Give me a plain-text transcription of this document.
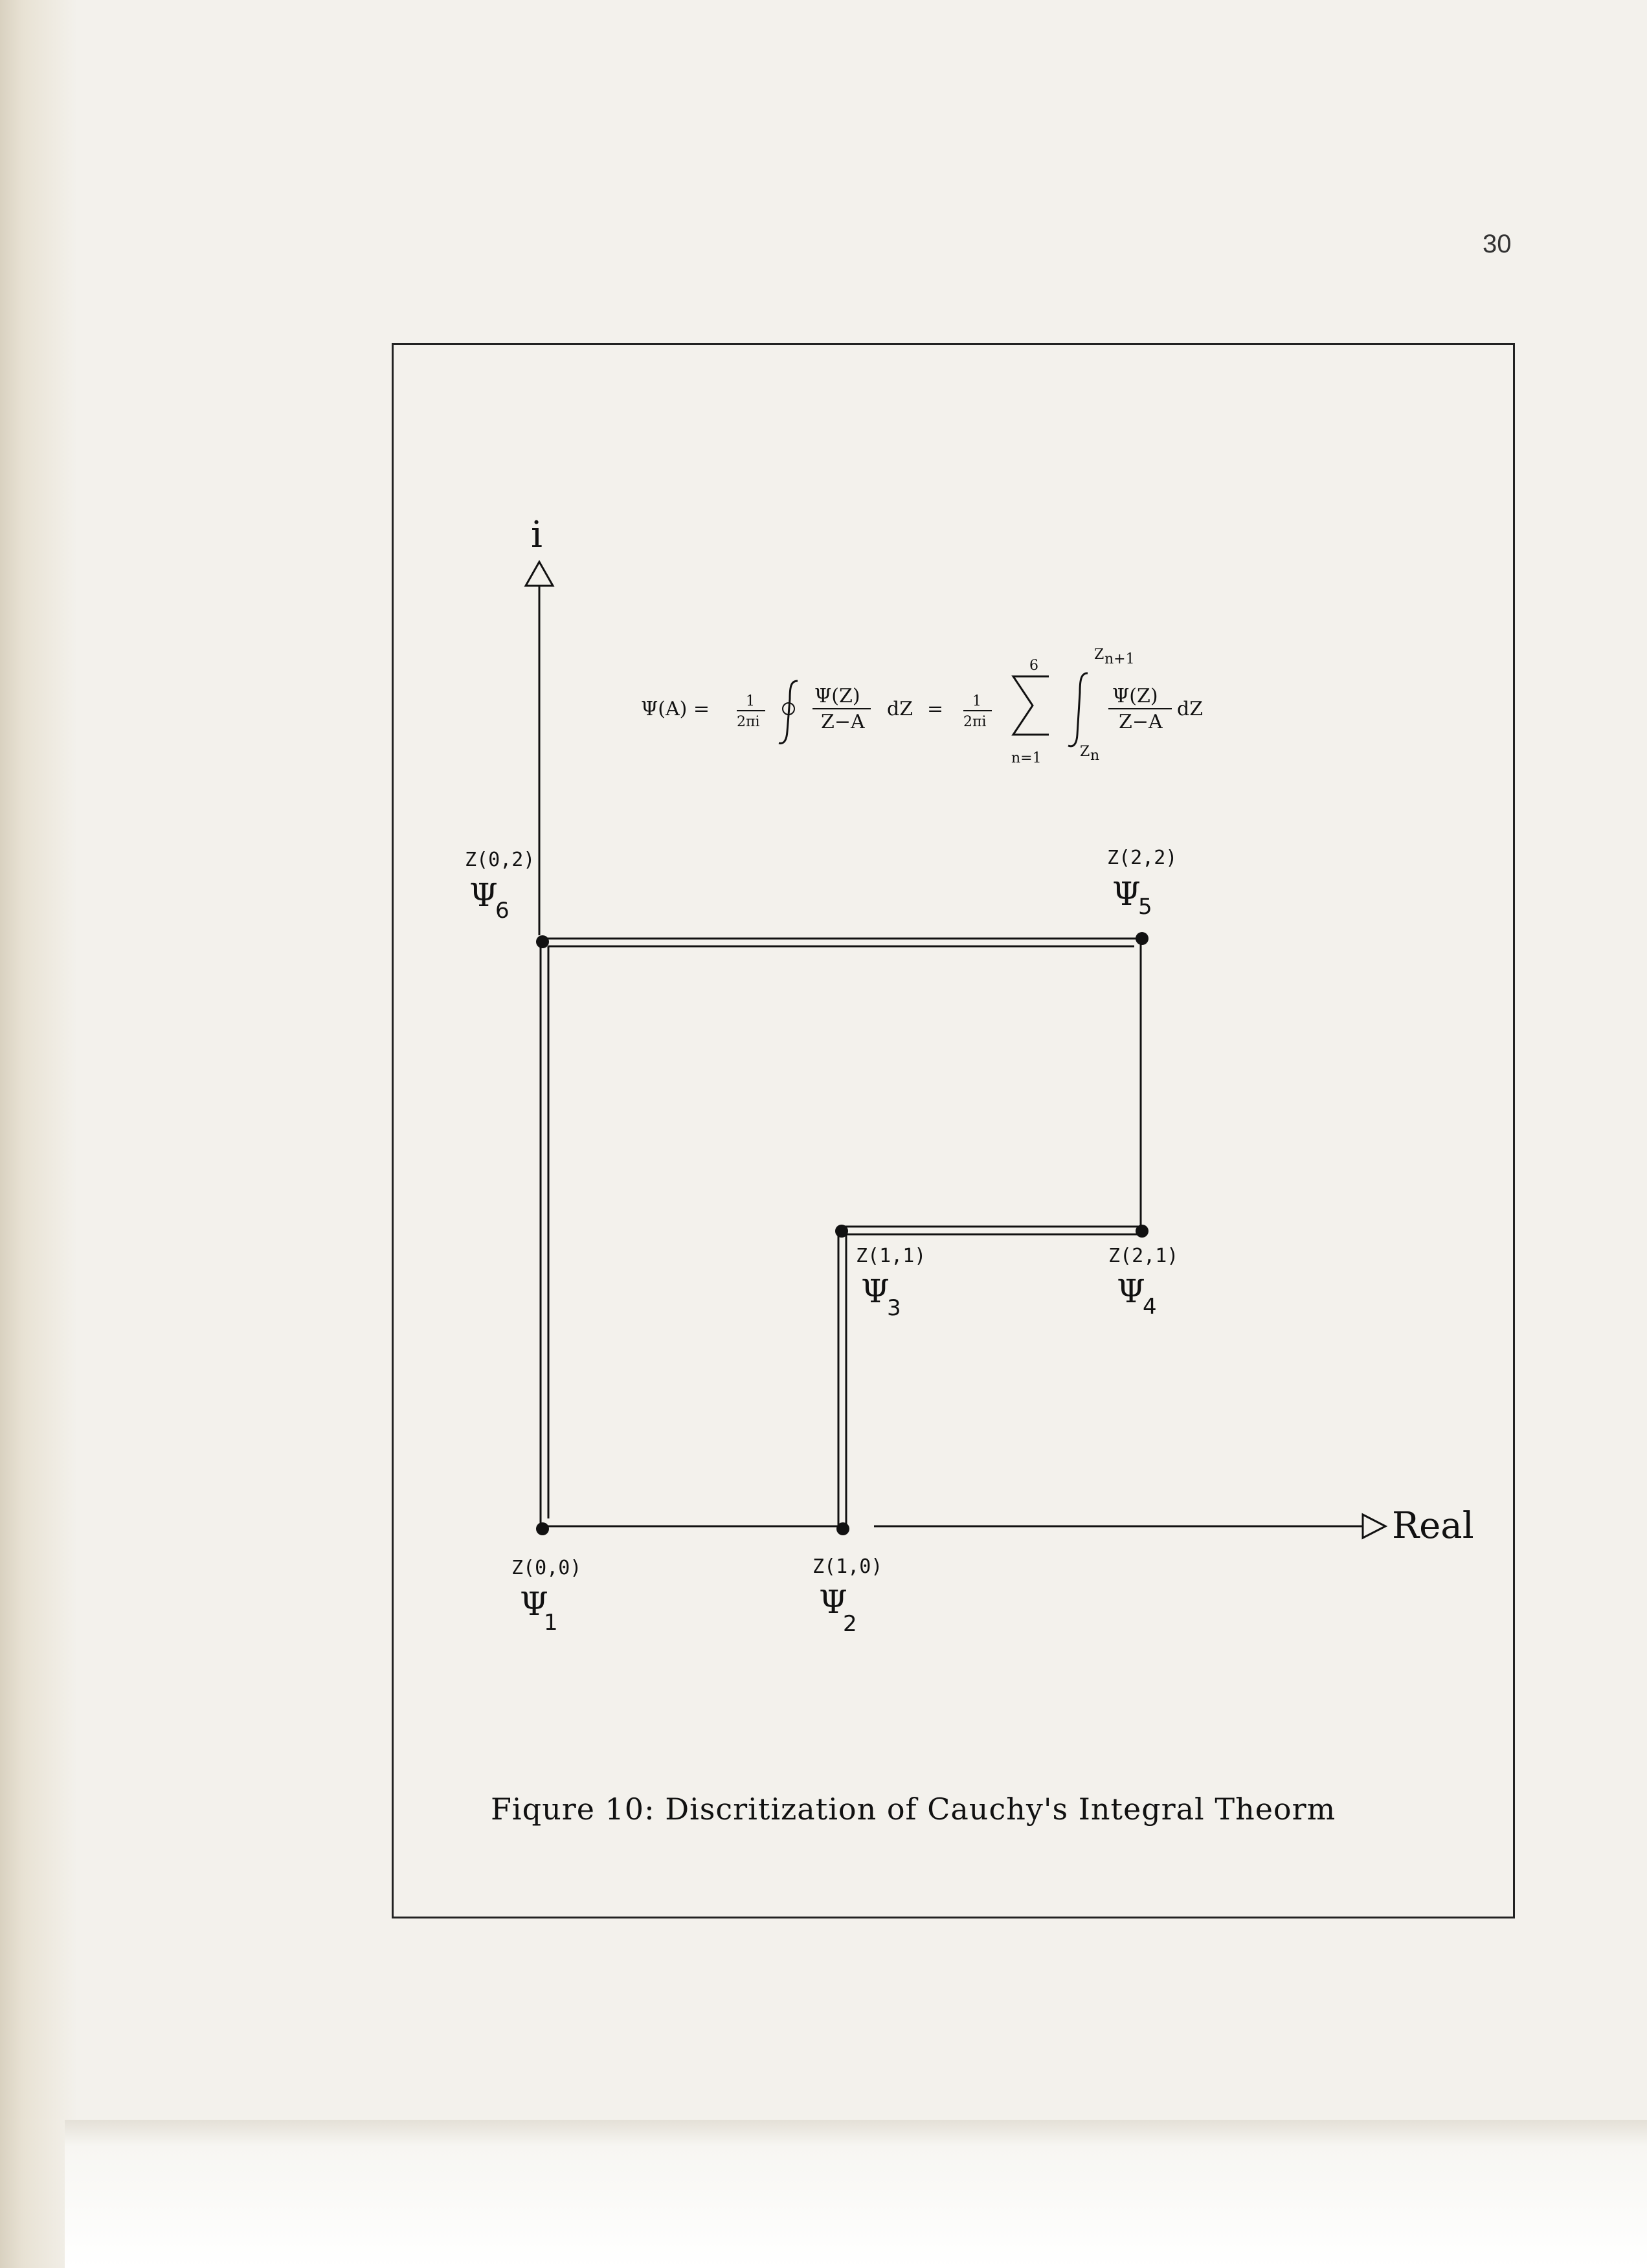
30
i
Real
Z(0,0)
Ψ
1
Z(1,0)
Ψ
2
Z(1,1)
Ψ
3
Z(2,1)
Ψ
4
Z(2,2)
Ψ
5
Z(0,2)
Ψ
6
Ψ(A) =	1
2πi
Ψ(Z)
Z−A
dZ = 1
2πi
6
n=1
Z n+1
Z n
Ψ(Z)
Z−A
dZ
Fiqure 10: Discritization of Cauchy's Integral Theorm
